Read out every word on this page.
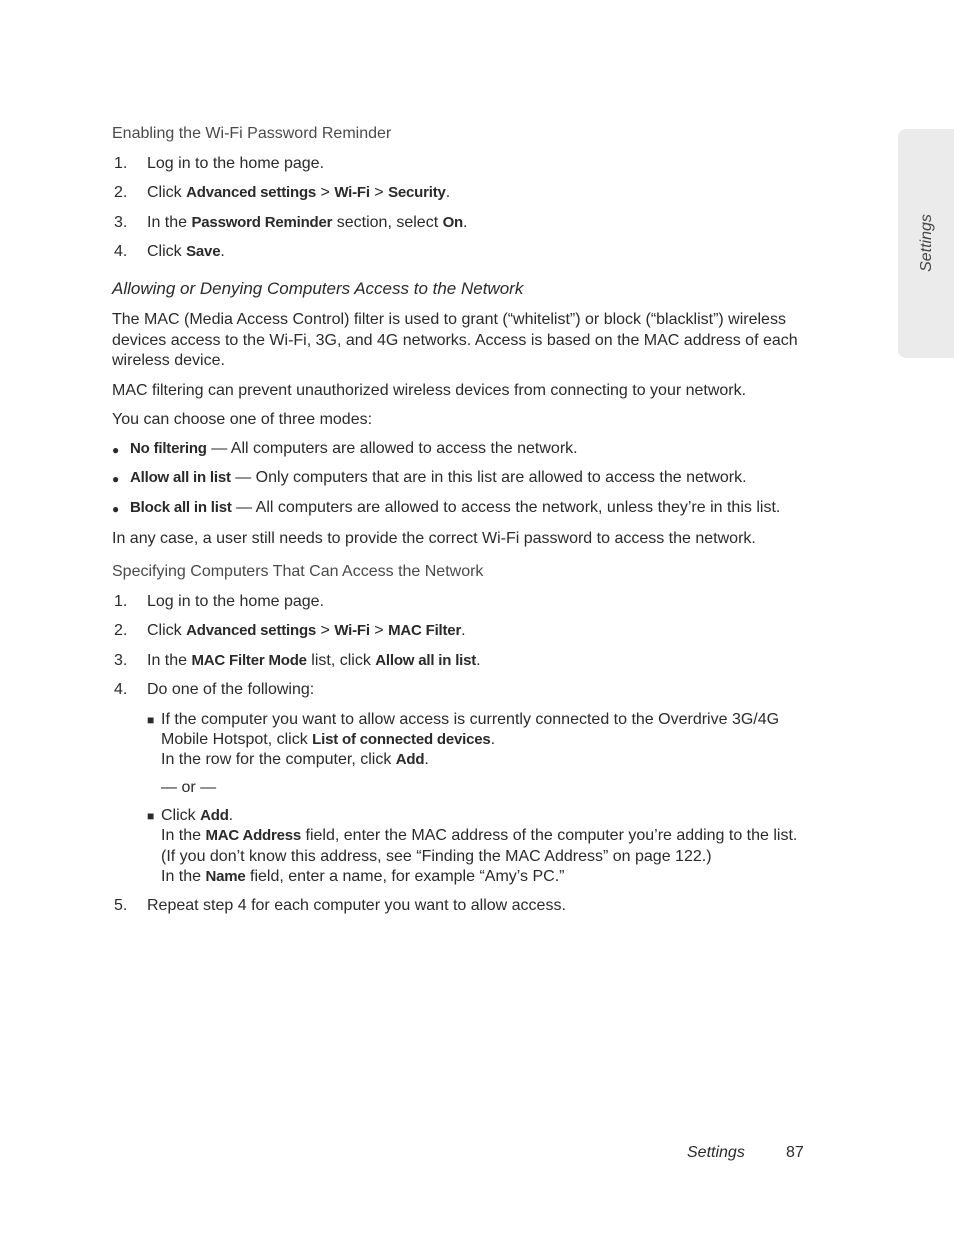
Settings
Enabling the Wi-Fi Password Reminder
1.	Log in to the home page.
2.	Click Advanced settings > Wi-Fi > Security.
3.	In the Password Reminder section, select On.
4.	Click Save.
Allowing or Denying Computers Access to the Network
The MAC (Media Access Control) filter is used to grant (“whitelist”) or block (“blacklist”) wireless devices access to the Wi-Fi, 3G, and 4G networks. Access is based on the MAC address of each wireless device.
MAC filtering can prevent unauthorized wireless devices from connecting to your network.
You can choose one of three modes:
● No filtering — All computers are allowed to access the network.
● Allow all in list — Only computers that are in this list are allowed to access the network.
● Block all in list — All computers are allowed to access the network, unless they’re in this list.
In any case, a user still needs to provide the correct Wi-Fi password to access the network.
Specifying Computers That Can Access the Network
1.	Log in to the home page.
2.	Click Advanced settings > Wi-Fi > MAC Filter.
3.	In the MAC Filter Mode list, click Allow all in list.
4.	Do one of the following:
■ If the computer you want to allow access is currently connected to the Overdrive 3G/4G
Mobile Hotspot, click List of connected devices.
In the row for the computer, click Add.
— or —
■ Click Add.
In the MAC Address field, enter the MAC address of the computer you’re adding to the list.
(If you don’t know this address, see “Finding the MAC Address” on page 122.)
In the Name field, enter a name, for example “Amy’s PC.”
5.	Repeat step 4 for each computer you want to allow access.
Settings	87
